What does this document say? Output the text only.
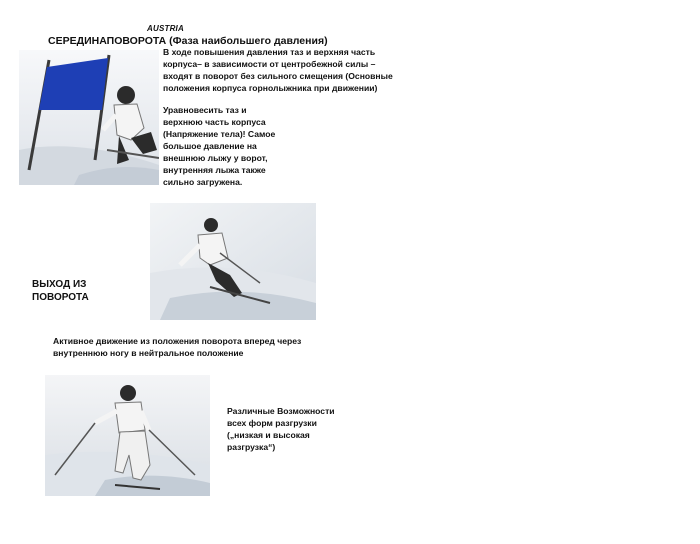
AUSTRIA
СЕРЕДИНАПОВОРОТА (Фаза наибольшего давления)
В ходе повышения давления таз и верхняя часть корпуса– в зависимости от центробежной силы –входят в поворот без сильного смещения (Основные положения корпуса горнолыжника при движении)
Уравновесить таз и верхнюю часть корпуса (Напряжение тела)! Самое большое давление на внешнюю лыжу у ворот, внутренняя лыжа также сильно загружена.
ВЫХОД ИЗ ПОВОРОТА
Активное движение из положения поворота вперед через внутреннюю ногу в нейтральное положение
Различные Возможности всех форм разгрузки („низкая и высокая разгрузка“)
